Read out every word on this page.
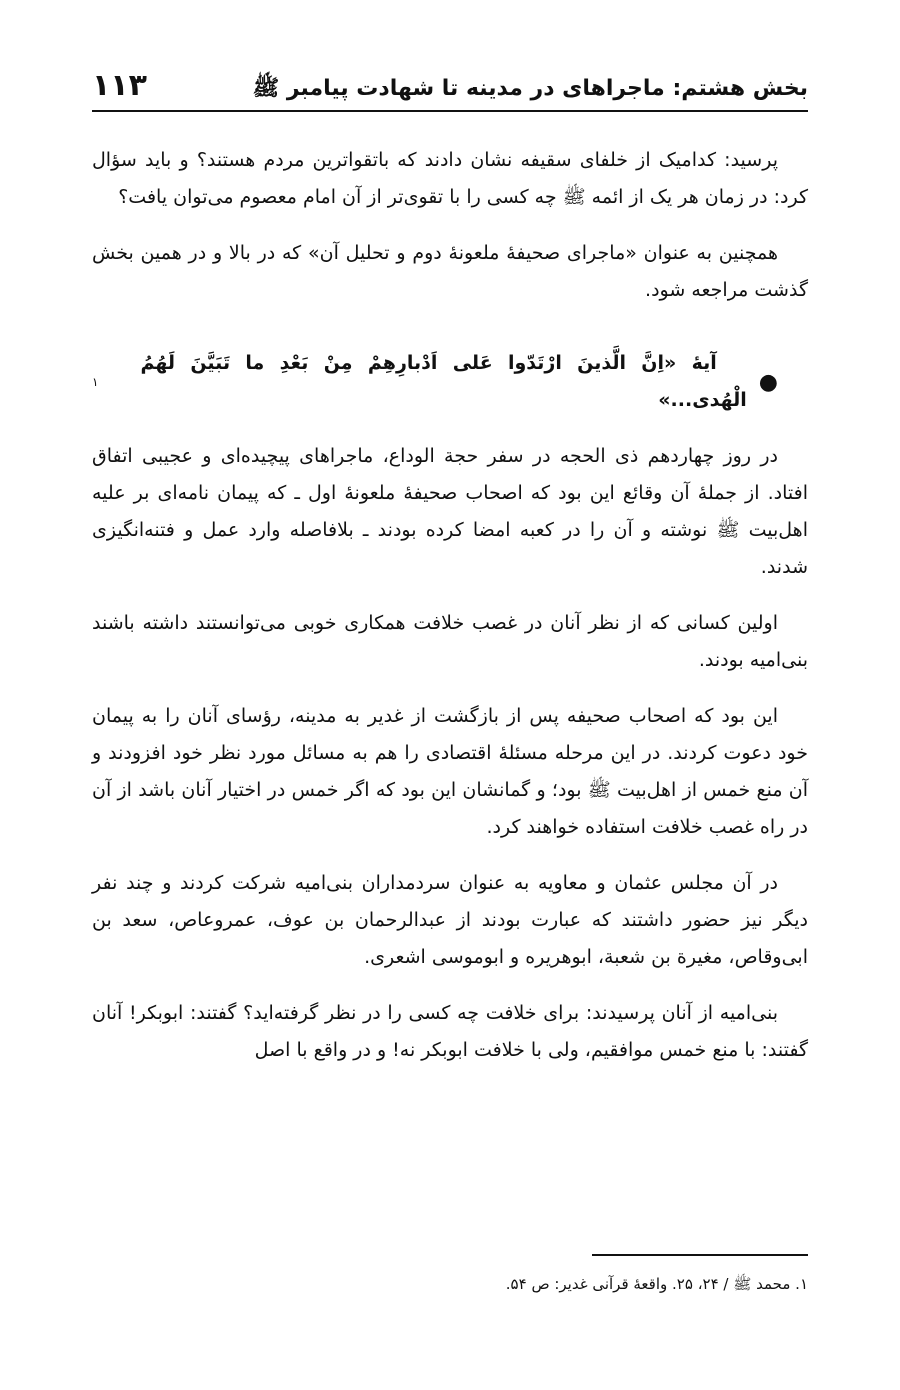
بخش هشتم: ماجراهای در مدینه تا شهادت پیامبر ﷺ
۱۱۳

پرسید: کدامیک از خلفای سقیفه نشان دادند که باتقواترین مردم هستند؟ و باید سؤال کرد: در زمان هر یک از ائمه ﷺ چه کسی را با تقوی‌تر از آن امام معصوم می‌توان یافت؟

همچنین به عنوان «ماجرای صحیفهٔ ملعونهٔ دوم و تحلیل آن» که در بالا و در همین بخش گذشت مراجعه شود.

●
آیهٔ «اِنَّ الَّذینَ ارْتَدّوا عَلی اَدْبارِهِمْ مِنْ بَعْدِ ما تَبَیَّنَ لَهُمُ الْهُدی...»
۱

در روز چهاردهم ذی الحجه در سفر حجة الوداع، ماجراهای پیچیده‌ای و عجیبی اتفاق افتاد. از جملهٔ آن وقائع این بود که اصحاب صحیفهٔ ملعونهٔ اول ـ که پیمان نامه‌ای بر علیه اهل‌بیت ﷺ نوشته و آن را در کعبه امضا کرده بودند ـ بلافاصله وارد عمل و فتنه‌انگیزی شدند.

اولین کسانی که از نظر آنان در غصب خلافت همکاری خوبی می‌توانستند داشته باشند بنی‌امیه بودند.

این بود که اصحاب صحیفه پس از بازگشت از غدیر به مدینه، رؤسای آنان را به پیمان خود دعوت کردند. در این مرحله مسئلهٔ اقتصادی را هم به مسائل مورد نظر خود افزودند و آن منع خمس از اهل‌بیت ﷺ بود؛ و گمانشان این بود که اگر خمس در اختیار آنان باشد از آن در راه غصب خلافت استفاده خواهند کرد.

در آن مجلس عثمان و معاویه به عنوان سردمداران بنی‌امیه شرکت کردند و چند نفر دیگر نیز حضور داشتند که عبارت بودند از عبدالرحمان بن عوف، عمروعاص، سعد بن ابی‌وقاص، مغیرة بن شعبة، ابوهریره و ابوموسی اشعری.

بنی‌امیه از آنان پرسیدند: برای خلافت چه کسی را در نظر گرفته‌اید؟ گفتند: ابوبکر! آنان گفتند: با منع خمس موافقیم، ولی با خلافت ابوبکر نه! و در واقع با اصل

۱. محمد ﷺ / ۲۴، ۲۵. واقعهٔ قرآنی غدیر: ص ۵۴.
